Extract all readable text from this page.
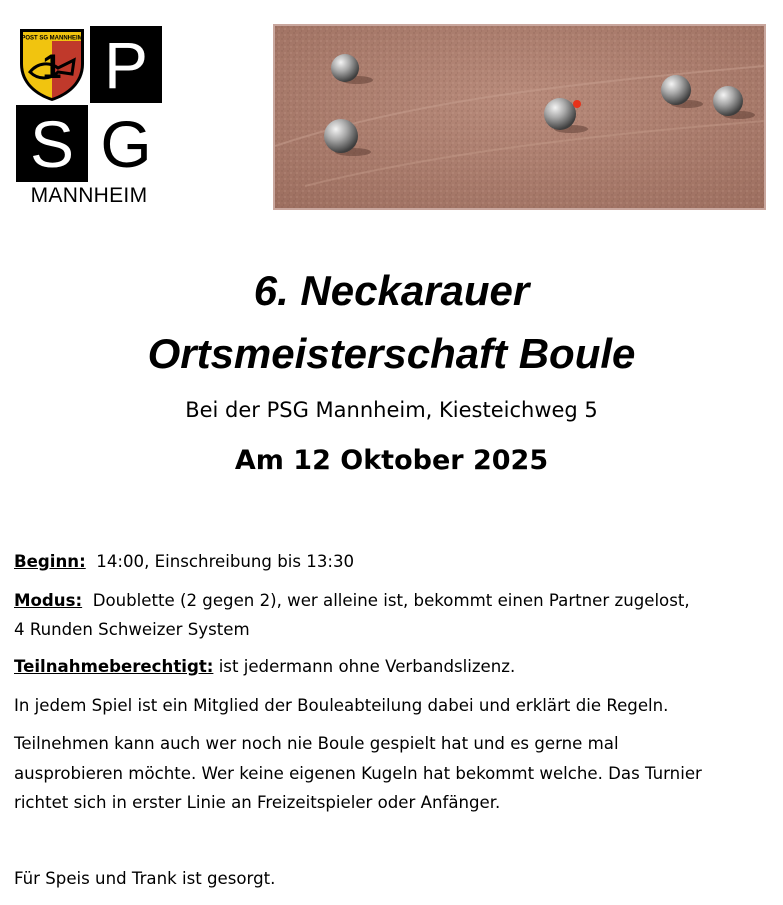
POST SG MANNHEIM
1 P
S G
MANNHEIM
6. Neckarauer
Ortsmeisterschaft Boule
Bei der PSG Mannheim, Kiesteichweg 5
Am 12 Oktober 2025
Beginn: 14:00, Einschreibung bis 13:30
Modus: Doublette (2 gegen 2), wer alleine ist, bekommt einen Partner zugelost,
4 Runden Schweizer System
Teilnahmeberechtigt: ist jedermann ohne Verbandslizenz.
In jedem Spiel ist ein Mitglied der Bouleabteilung dabei und erklärt die Regeln.
Teilnehmen kann auch wer noch nie Boule gespielt hat und es gerne mal
ausprobieren möchte. Wer keine eigenen Kugeln hat bekommt welche. Das Turnier
richtet sich in erster Linie an Freizeitspieler oder Anfänger.
Für Speis und Trank ist gesorgt.
